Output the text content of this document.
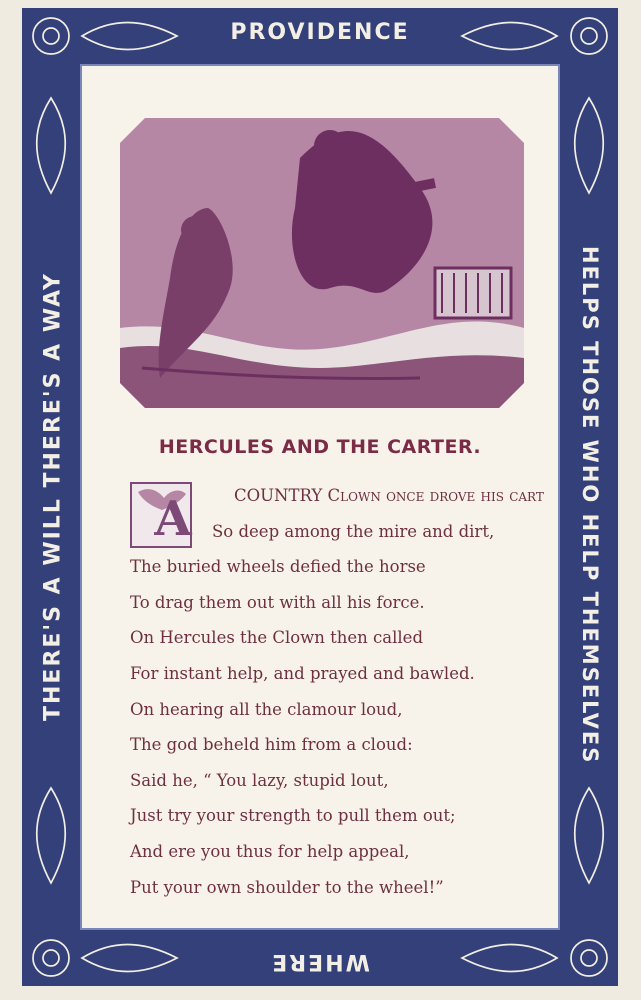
PROVIDENCE
WHERE
THERE'S A WILL THERE'S A WAY	HELPS THOSE WHO HELP THEMSELVES
HERCULES AND THE CARTER.
COUNTRY Clown once drove his cart
So deep among the mire and dirt,
The buried wheels defied the horse
To drag them out with all his force.
On Hercules the Clown then called
For instant help, and prayed and bawled.
On hearing all the clamour loud,
The god beheld him from a cloud:
Said he, “ You lazy, stupid lout,
Just try your strength to pull them out;
And ere you thus for help appeal,
Put your own shoulder to the wheel!”
A
